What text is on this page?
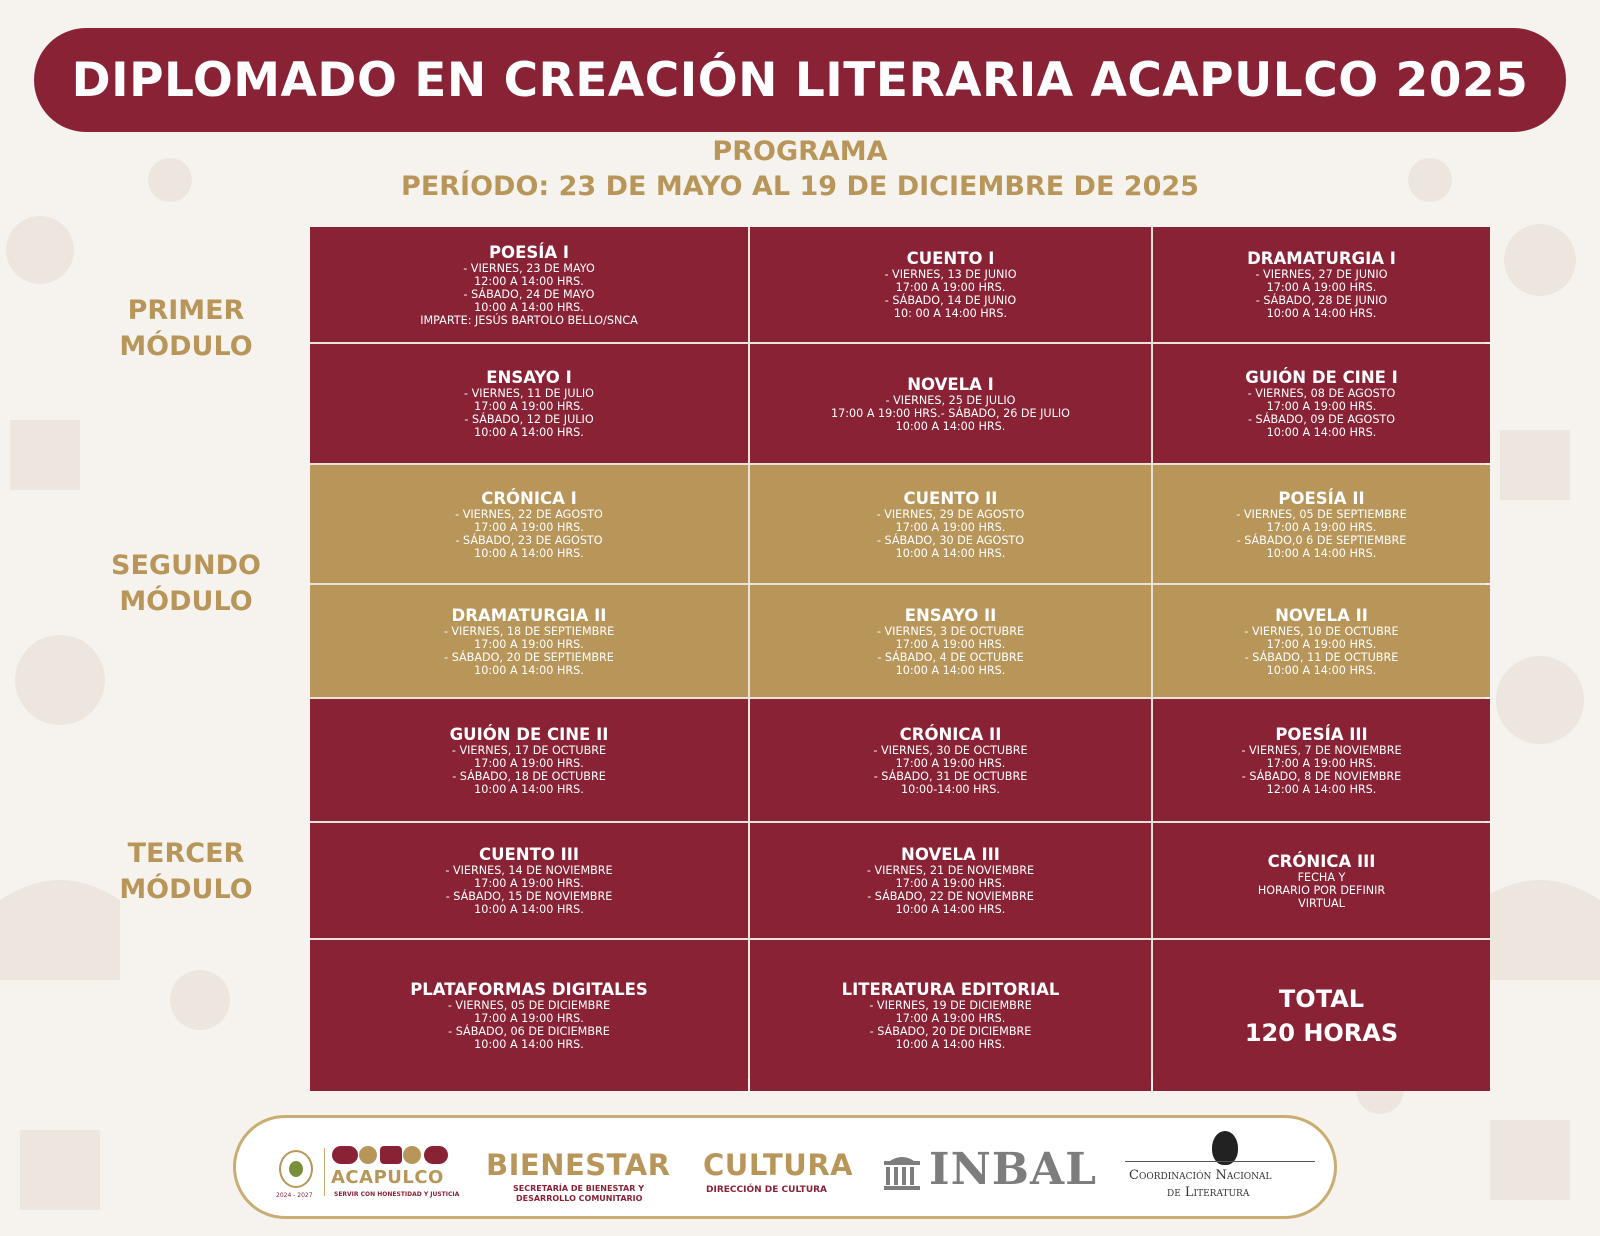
DIPLOMADO EN CREACIÓN LITERARIA ACAPULCO 2025
PROGRAMA
PERÍODO: 23 DE MAYO AL 19 DE DICIEMBRE DE 2025
PRIMER
MÓDULO
SEGUNDO
MÓDULO
TERCER
MÓDULO
POESÍA I
- VIERNES, 23 DE MAYO
12:00 A 14:00 HRS.
- SÁBADO, 24 DE MAYO
10:00 A 14:00 HRS.
IMPARTE: JESÚS BARTOLO BELLO/SNCA
CUENTO I
- VIERNES, 13 DE JUNIO
17:00 A 19:00 HRS.
- SÁBADO, 14 DE JUNIO
10: 00 A 14:00 HRS.
DRAMATURGIA I
- VIERNES, 27 DE JUNIO
17:00 A 19:00 HRS.
- SÁBADO, 28 DE JUNIO
10:00 A 14:00 HRS.
ENSAYO I
- VIERNES, 11 DE JULIO
17:00 A 19:00 HRS.
- SÁBADO, 12 DE JULIO
10:00 A 14:00 HRS.
NOVELA I
- VIERNES, 25 DE JULIO
17:00 A 19:00 HRS.- SÁBADO, 26 DE JULIO
10:00 A 14:00 HRS.
GUIÓN DE CINE I
- VIERNES, 08 DE AGOSTO
17:00 A 19:00 HRS.
- SÁBADO, 09 DE AGOSTO
10:00 A 14:00 HRS.
CRÓNICA I
- VIERNES, 22 DE AGOSTO
17:00 A 19:00 HRS.
- SÁBADO, 23 DE AGOSTO
10:00 A 14:00 HRS.
CUENTO II
- VIERNES, 29 DE AGOSTO
17:00 A 19:00 HRS.
- SÁBADO, 30 DE AGOSTO
10:00 A 14:00 HRS.
POESÍA II
- VIERNES, 05 DE SEPTIEMBRE
17:00 A 19:00 HRS.
- SÁBADO,0 6 DE SEPTIEMBRE
10:00 A 14:00 HRS.
DRAMATURGIA II
- VIERNES, 18 DE SEPTIEMBRE
17:00 A 19:00 HRS.
- SÁBADO, 20 DE SEPTIEMBRE
10:00 A 14:00 HRS.
ENSAYO II
- VIERNES, 3 DE OCTUBRE
17:00 A 19:00 HRS.
- SÁBADO, 4 DE OCTUBRE
10:00 A 14:00 HRS.
NOVELA II
- VIERNES, 10 DE OCTUBRE
17:00 A 19:00 HRS.
- SÁBADO, 11 DE OCTUBRE
10:00 A 14:00 HRS.
GUIÓN DE CINE II
- VIERNES, 17 DE OCTUBRE
17:00 A 19:00 HRS.
- SÁBADO, 18 DE OCTUBRE
10:00 A 14:00 HRS.
CRÓNICA II
- VIERNES, 30 DE OCTUBRE
17:00 A 19:00 HRS.
- SÁBADO, 31 DE OCTUBRE
10:00-14:00 HRS.
POESÍA III
- VIERNES, 7 DE NOVIEMBRE
17:00 A 19:00 HRS.
- SÁBADO, 8 DE NOVIEMBRE
12:00 A 14:00 HRS.
CUENTO III
- VIERNES, 14 DE NOVIEMBRE
17:00 A 19:00 HRS.
- SÁBADO, 15 DE NOVIEMBRE
10:00 A 14:00 HRS.
NOVELA III
- VIERNES, 21 DE NOVIEMBRE
17:00 A 19:00 HRS.
- SÁBADO, 22 DE NOVIEMBRE
10:00 A 14:00 HRS.
CRÓNICA III
FECHA Y
HORARIO POR DEFINIR
VIRTUAL
PLATAFORMAS DIGITALES
- VIERNES, 05 DE DICIEMBRE
17:00 A 19:00 HRS.
- SÁBADO, 06 DE DICIEMBRE
10:00 A 14:00 HRS.
LITERATURA EDITORIAL
- VIERNES, 19 DE DICIEMBRE
17:00 A 19:00 HRS.
- SÁBADO, 20 DE DICIEMBRE
10:00 A 14:00 HRS.
TOTAL
120 HORAS
2024 - 2027
ACAPULCO
SERVIR CON HONESTIDAD Y JUSTICIA
BIENESTAR
SECRETARÍA DE BIENESTAR Y
DESARROLLO COMUNITARIO
CULTURA
DIRECCIÓN DE CULTURA INBAL Coordinación Nacional
de Literatura
